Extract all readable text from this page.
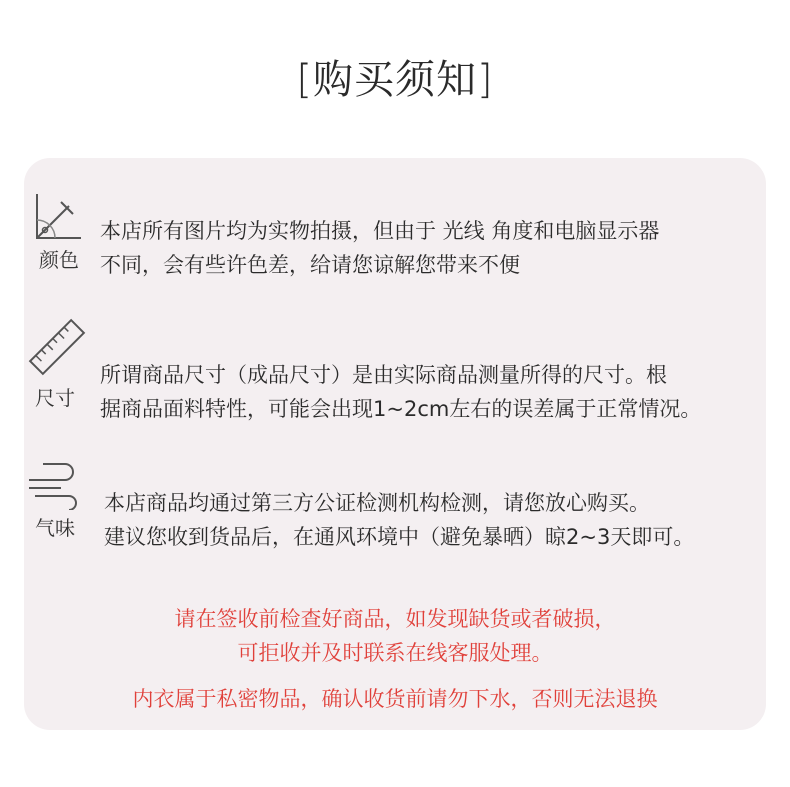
[购买须知]
颜色
本店所有图片均为实物拍摄，但由于 光线 角度和电脑显示器
不同，会有些许色差，给请您谅解您带来不便
尺寸
所谓商品尺寸（成品尺寸）是由实际商品测量所得的尺寸。根
据商品面料特性，可能会出现1~2cm左右的误差属于正常情况。
气味
本店商品均通过第三方公证检测机构检测，请您放心购买。
建议您收到货品后，在通风环境中（避免暴晒）晾2~3天即可。
请在签收前检查好商品，如发现缺货或者破损，
可拒收并及时联系在线客服处理。
内衣属于私密物品，确认收货前请勿下水，否则无法退换
